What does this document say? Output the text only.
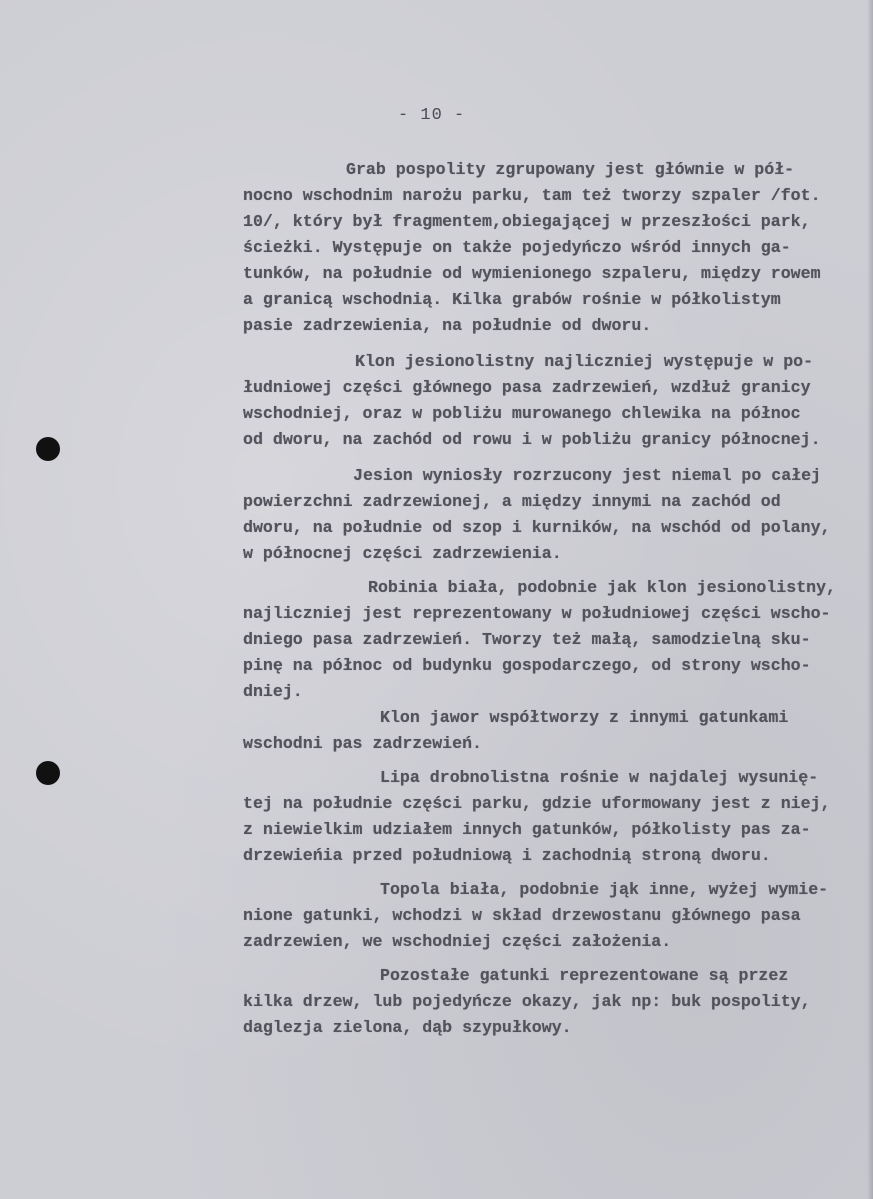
- 10 -
Grab pospolity zgrupowany jest głównie w pół-
nocno wschodnim narożu parku, tam też tworzy szpaler /fot.
10/, który był fragmentem,obiegającej w przeszłości park,
ścieżki. Występuje on także pojedyńczo wśród innych ga-
tunków, na południe od wymienionego szpaleru, między rowem
a granicą wschodnią. Kilka grabów rośnie w półkolistym
pasie zadrzewienia, na południe od dworu.
Klon jesionolistny najliczniej występuje w po-
łudniowej części głównego pasa zadrzewień, wzdłuż granicy
wschodniej, oraz w pobliżu murowanego chlewika na północ
od dworu, na zachód od rowu i w pobliżu granicy północnej.
Jesion wyniosły rozrzucony jest niemal po całej
powierzchni zadrzewionej, a między innymi na zachód od
dworu, na południe od szop i kurników, na wschód od polany,
w północnej części zadrzewienia.
Robinia biała, podobnie jak klon jesionolistny,
najliczniej jest reprezentowany w południowej części wscho-
dniego pasa zadrzewień. Tworzy też małą, samodzielną sku-
pinę na północ od budynku gospodarczego, od strony wscho-
dniej.
Klon jawor współtworzy z innymi gatunkami
wschodni pas zadrzewień.
Lipa drobnolistna rośnie w najdalej wysunię-
tej na południe części parku, gdzie uformowany jest z niej,
z niewielkim udziałem innych gatunków, półkolisty pas za-
drzewieńia przed południową i zachodnią stroną dworu.
Topola biała, podobnie jąk inne, wyżej wymie-
nione gatunki, wchodzi w skład drzewostanu głównego pasa
zadrzewien, we wschodniej części założenia.
Pozostałe gatunki reprezentowane są przez
kilka drzew, lub pojedyńcze okazy, jak np: buk pospolity,
daglezja zielona, dąb szypułkowy.
